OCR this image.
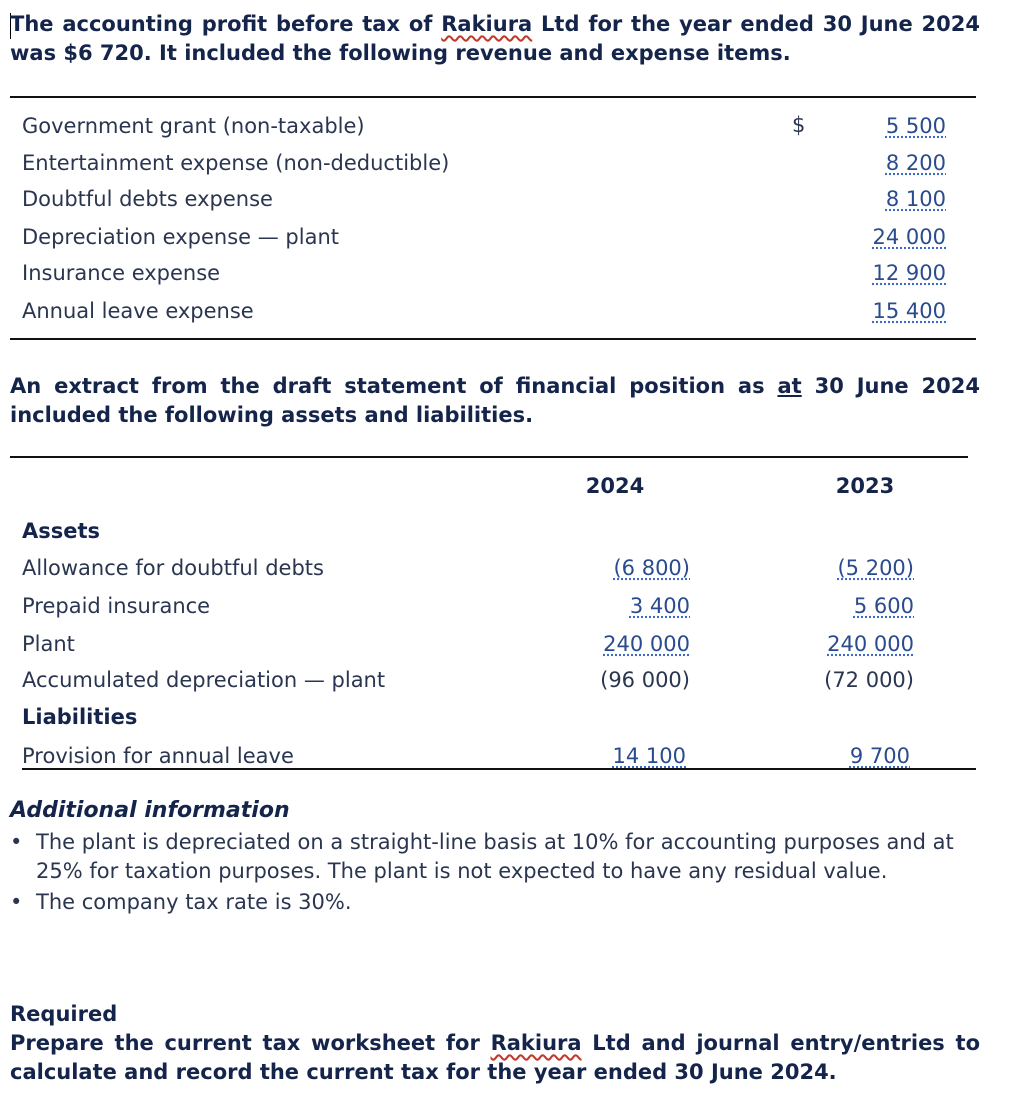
The accounting profit before tax of Rakiura Ltd for the year ended 30 June 2024
was $6 720. It included the following revenue and expense items.
$
Government grant (non-taxable)	5 500
Entertainment expense (non-deductible)	8 200
Doubtful debts expense	8 100
Depreciation expense — plant	24 000
Insurance expense	12 900
Annual leave expense	15 400
An extract from the draft statement of financial position as at 30 June 2024
included the following assets and liabilities.
2024	2023
Assets
Allowance for doubtful debts	(6 800)	(5 200)
Prepaid insurance	3 400	5 600
Plant	240 000	240 000
Accumulated depreciation — plant	(96 000)	(72 000)
Liabilities
Provision for annual leave	14 100	9 700
Additional information
• The plant is depreciated on a straight-line basis at 10% for accounting purposes and at 25% for taxation purposes. The plant is not expected to have any residual value.
• The company tax rate is 30%.
Required
Prepare the current tax worksheet for Rakiura Ltd and journal entry/entries to
calculate and record the current tax for the year ended 30 June 2024.
